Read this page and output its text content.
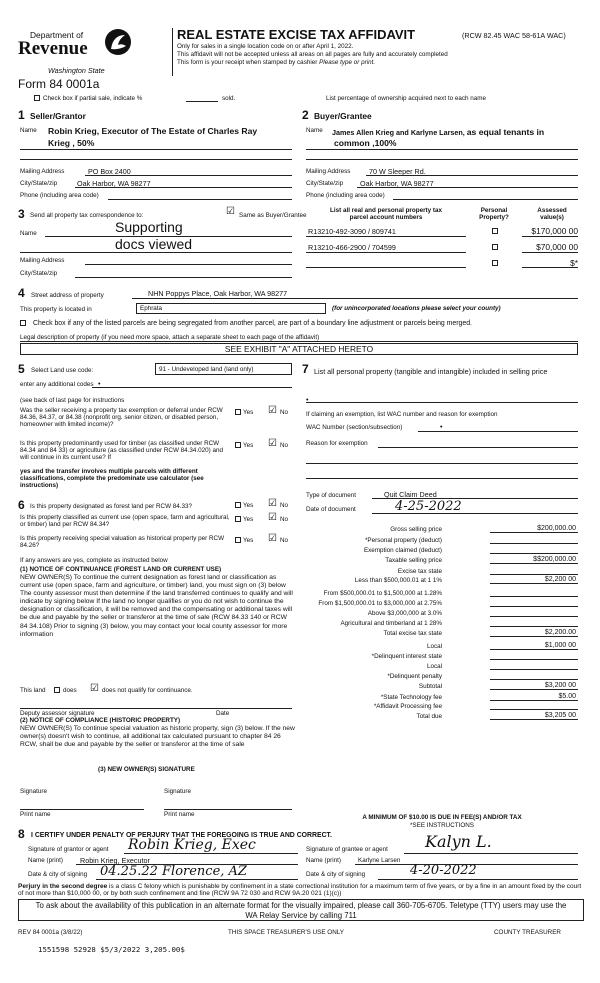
Department of
Revenue
Washington State
Form 84 0001a
REAL ESTATE EXCISE TAX AFFIDAVIT	(RCW 82.45 WAC 58-61A WAC)
Only for sales in a single location code on or after April 1, 2022.
This affidavit will not be accepted unless all areas on all pages are fully and accurately completed
This form is your receipt when stamped by cashier Please type or print.
Check box if partial sale, indicate %	sold.	List percentage of ownership acquired next to each name
1 Seller/Grantor
Name Robin Krieg, Executor of The Estate of Charles Ray
Krieg , 50%
Mailing Address	PO Box 2400
City/State/zip	Oak Harbor, WA 98277
Phone (including area code)
2 Buyer/Grantee
Name James Allen Krieg and Karlyne Larsen, as equal tenants in
common ,100%
Mailing Address	70 W Sleeper Rd.
City/State/zip Oak Harbor, WA 98277
Phone (including area code)
3 Send all property tax correspondence to:	☑ Same as Buyer/Grantee
Name	Supporting
docs viewed
Mailing Address
City/State/zip
List all real and personal property tax
parcel account numbers
Personal
Property?
Assessed
value(s)
R13210-492-3090 / 809741	$170,000 00
R13210-466-2900 / 704599	$70,000 00
$*
4 Street address of property	NHN Poppys Place, Oak Harbor, WA 98277
This property is located in	Ephrata	(for unincorporated locations please select your county)
Check box if any of the listed parcels are being segregated from another parcel, are part of a boundary line adjustment or parcels being merged.
Legal description of property (if you need more space, attach a separate sheet to each page of the affidavit)
SEE EXHIBIT "A" ATTACHED HERETO
5 Select Land use code:	91 - Undeveloped land (land only)
enter any additional codes •
(see back of last page for instructions
Was the seller receiving a property tax exemption or deferral under RCW 84.36, 84.37, or 84.38 (nonprofit org. senior citizen, or disabled person, homeowner with limited income)?
Yes ☑ No
Is this property predominantly used for timber (as classified under RCW 84.34 and 84 33) or agriculture (as classified under RCW 84.34.020) and will continue in its current use? If
yes and the transfer involves multiple parcels with different classifications, complete the predominate use calculator (see instructions)
Yes ☑ No
6 Is this property designated as forest land per RCW 84.33?	Yes ☑ No
Is this property classified as current use (open space, farm and agricultural, or timber) land per RCW 84.34?
Yes ☑ No
Is this property receiving special valuation as historical property per RCW 84.26?
Yes ☑ No
If any answers are yes, complete as instructed below
(1) NOTICE OF CONTINUANCE (FOREST LAND OR CURRENT USE)
NEW OWNER(S) To continue the current designation as forest land or classification as current use (open space, farm and agriculture, or timber) land, you must sign on (3) below The county assessor must then determine if the land transferred continues to qualify and will indicate by signing below If the land no longer qualifies or you do not wish to continue the designation or classification, it will be removed and the compensating or additional taxes will be due and payable by the seller or transferor at the time of sale (RCW 84.33 140 or RCW 84 34.108) Prior to signing (3) below, you may contact your local county assessor for more information
This land	does ☑ does not qualify for continuance.
Deputy assessor signature	Date
(2) NOTICE OF COMPLIANCE (HISTORIC PROPERTY)
NEW OWNER(S) To continue special valuation as historic property, sign (3) below. If the new owner(s) doesn't wish to continue, all additional tax calculated pursuant to chapter 84 26 RCW, shall be due and payable by the seller or transferor at the time of sale
(3) NEW OWNER(S) SIGNATURE
Signature	Signature
Print name	Print name
7 List all personal property (tangible and intangible) included in selling price
•
If claiming an exemption, list WAC number and reason for exemption
WAC Number (section/subsection)	•
Reason for exemption
Type of document	Quit Claim Deed
Date of document	4-25-2022
Gross selling price	$200,000.00
*Personal property (deduct)
Exemption claimed (deduct)
Taxable selling price	$$200,000.00
Excise tax state
Less than $500,000.01 at 1 1%	$2,200 00
From $500,000.01 to $1,500,000 at 1.28%
From $1,500,000.01 to $3,000,000 at 2.75%
Above $3,000,000 at 3.0%
Agricultural and timberland at 1 28%
Total excise tax state	$2,200.00
Local	$1,000 00
*Delinquent interest state
Local
*Delinquent penalty
Subtotal	$3,200 00
*State Technology fee	$5.00
*Affidavit Processing fee
Total due	$3,205 00
A MINIMUM OF $10.00 IS DUE IN FEE(S) AND/OR TAX
*SEE INSTRUCTIONS
8 I CERTIFY UNDER PENALTY OF PERJURY THAT THE FOREGOING IS TRUE AND CORRECT.
Signature of grantor or agent Robin Krieg, Exec	Signature of grantee or agent Kalyn L.
Name (print) Robin Krieg, Executor	Name (print)	Karlyne Larsen
Date & city of signing 04.25.22 Florence, AZ	Date & city of signing	4-20-2022
Perjury in the second degree is a class C felony which is punishable by confinement in a state correctional institution for a maximum term of five years, or by a fine in an amount fixed by the court of not more than $10,000 00, or by both such confinement and fine (RCW 9A 72 030 and RCW 9A.20 021 (1)(c))
To ask about the availability of this publication in an alternate format for the visually impaired, please call 360-705-6705. Teletype (TTY) users may use the WA Relay Service by calling 711
REV 84 0001a (3/8/22)	THIS SPACE TREASURER'S USE ONLY	COUNTY TREASURER
1551598 52928 $5/3/2022 3,205.00$
